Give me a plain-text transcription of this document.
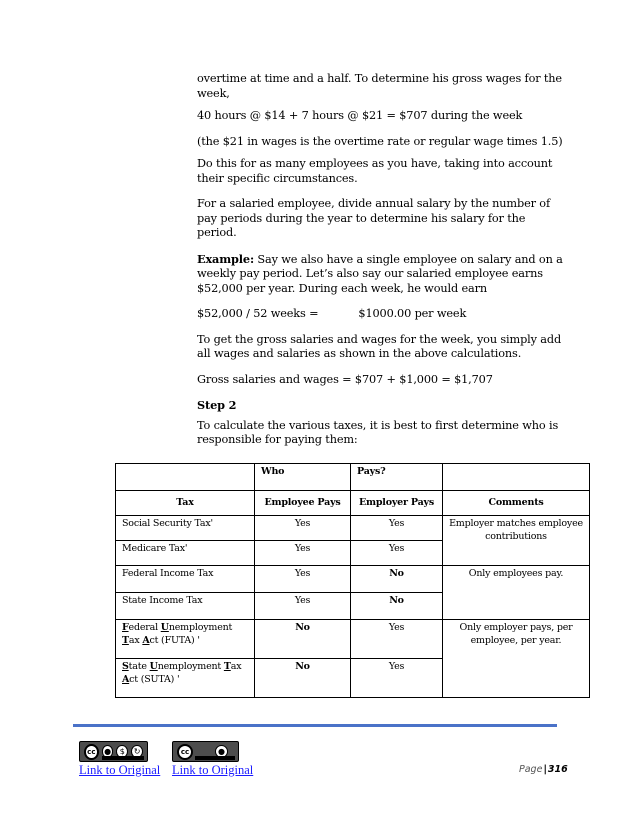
overtime at time and a half. To determine his gross wages for the week,

40 hours @ $14 + 7 hours @ $21 = $707 during the week

(the $21 in wages is the overtime rate or regular wage times 1.5)

Do this for as many employees as you have, taking into account their specific circumstances.

For a salaried employee, divide annual salary by the number of pay periods during the year to determine his salary for the period.

Example: Say we also have a single employee on salary and on a weekly pay period. Let’s also say our salaried employee earns $52,000 per year. During each week, he would earn

$52,000 / 52 weeks =	$1000.00 per week

To get the gross salaries and wages for the week, you simply add all wages and salaries as shown in the above calculations.

Gross salaries and wages = $707 + $1,000 = $1,707

Step 2

To calculate the various taxes, it is best to first determine who is responsible for paying them:

	Who	Pays?	
Tax	Employee Pays	Employer Pays	Comments
Social Security Tax'	Yes	Yes	Employer matches employee contributions
Medicare Tax'	Yes	Yes	
Federal Income Tax	Yes	No	Only employees pay.
State Income Tax	Yes	No	
Federal Unemployment Tax Act (FUTA) '	No	Yes	Only employer pays, per employee, per year.
State Unemployment Tax Act (SUTA) '	No	Yes	
cc	●	$	↻	cc	●
Link to Original Link to Original	Page|316
